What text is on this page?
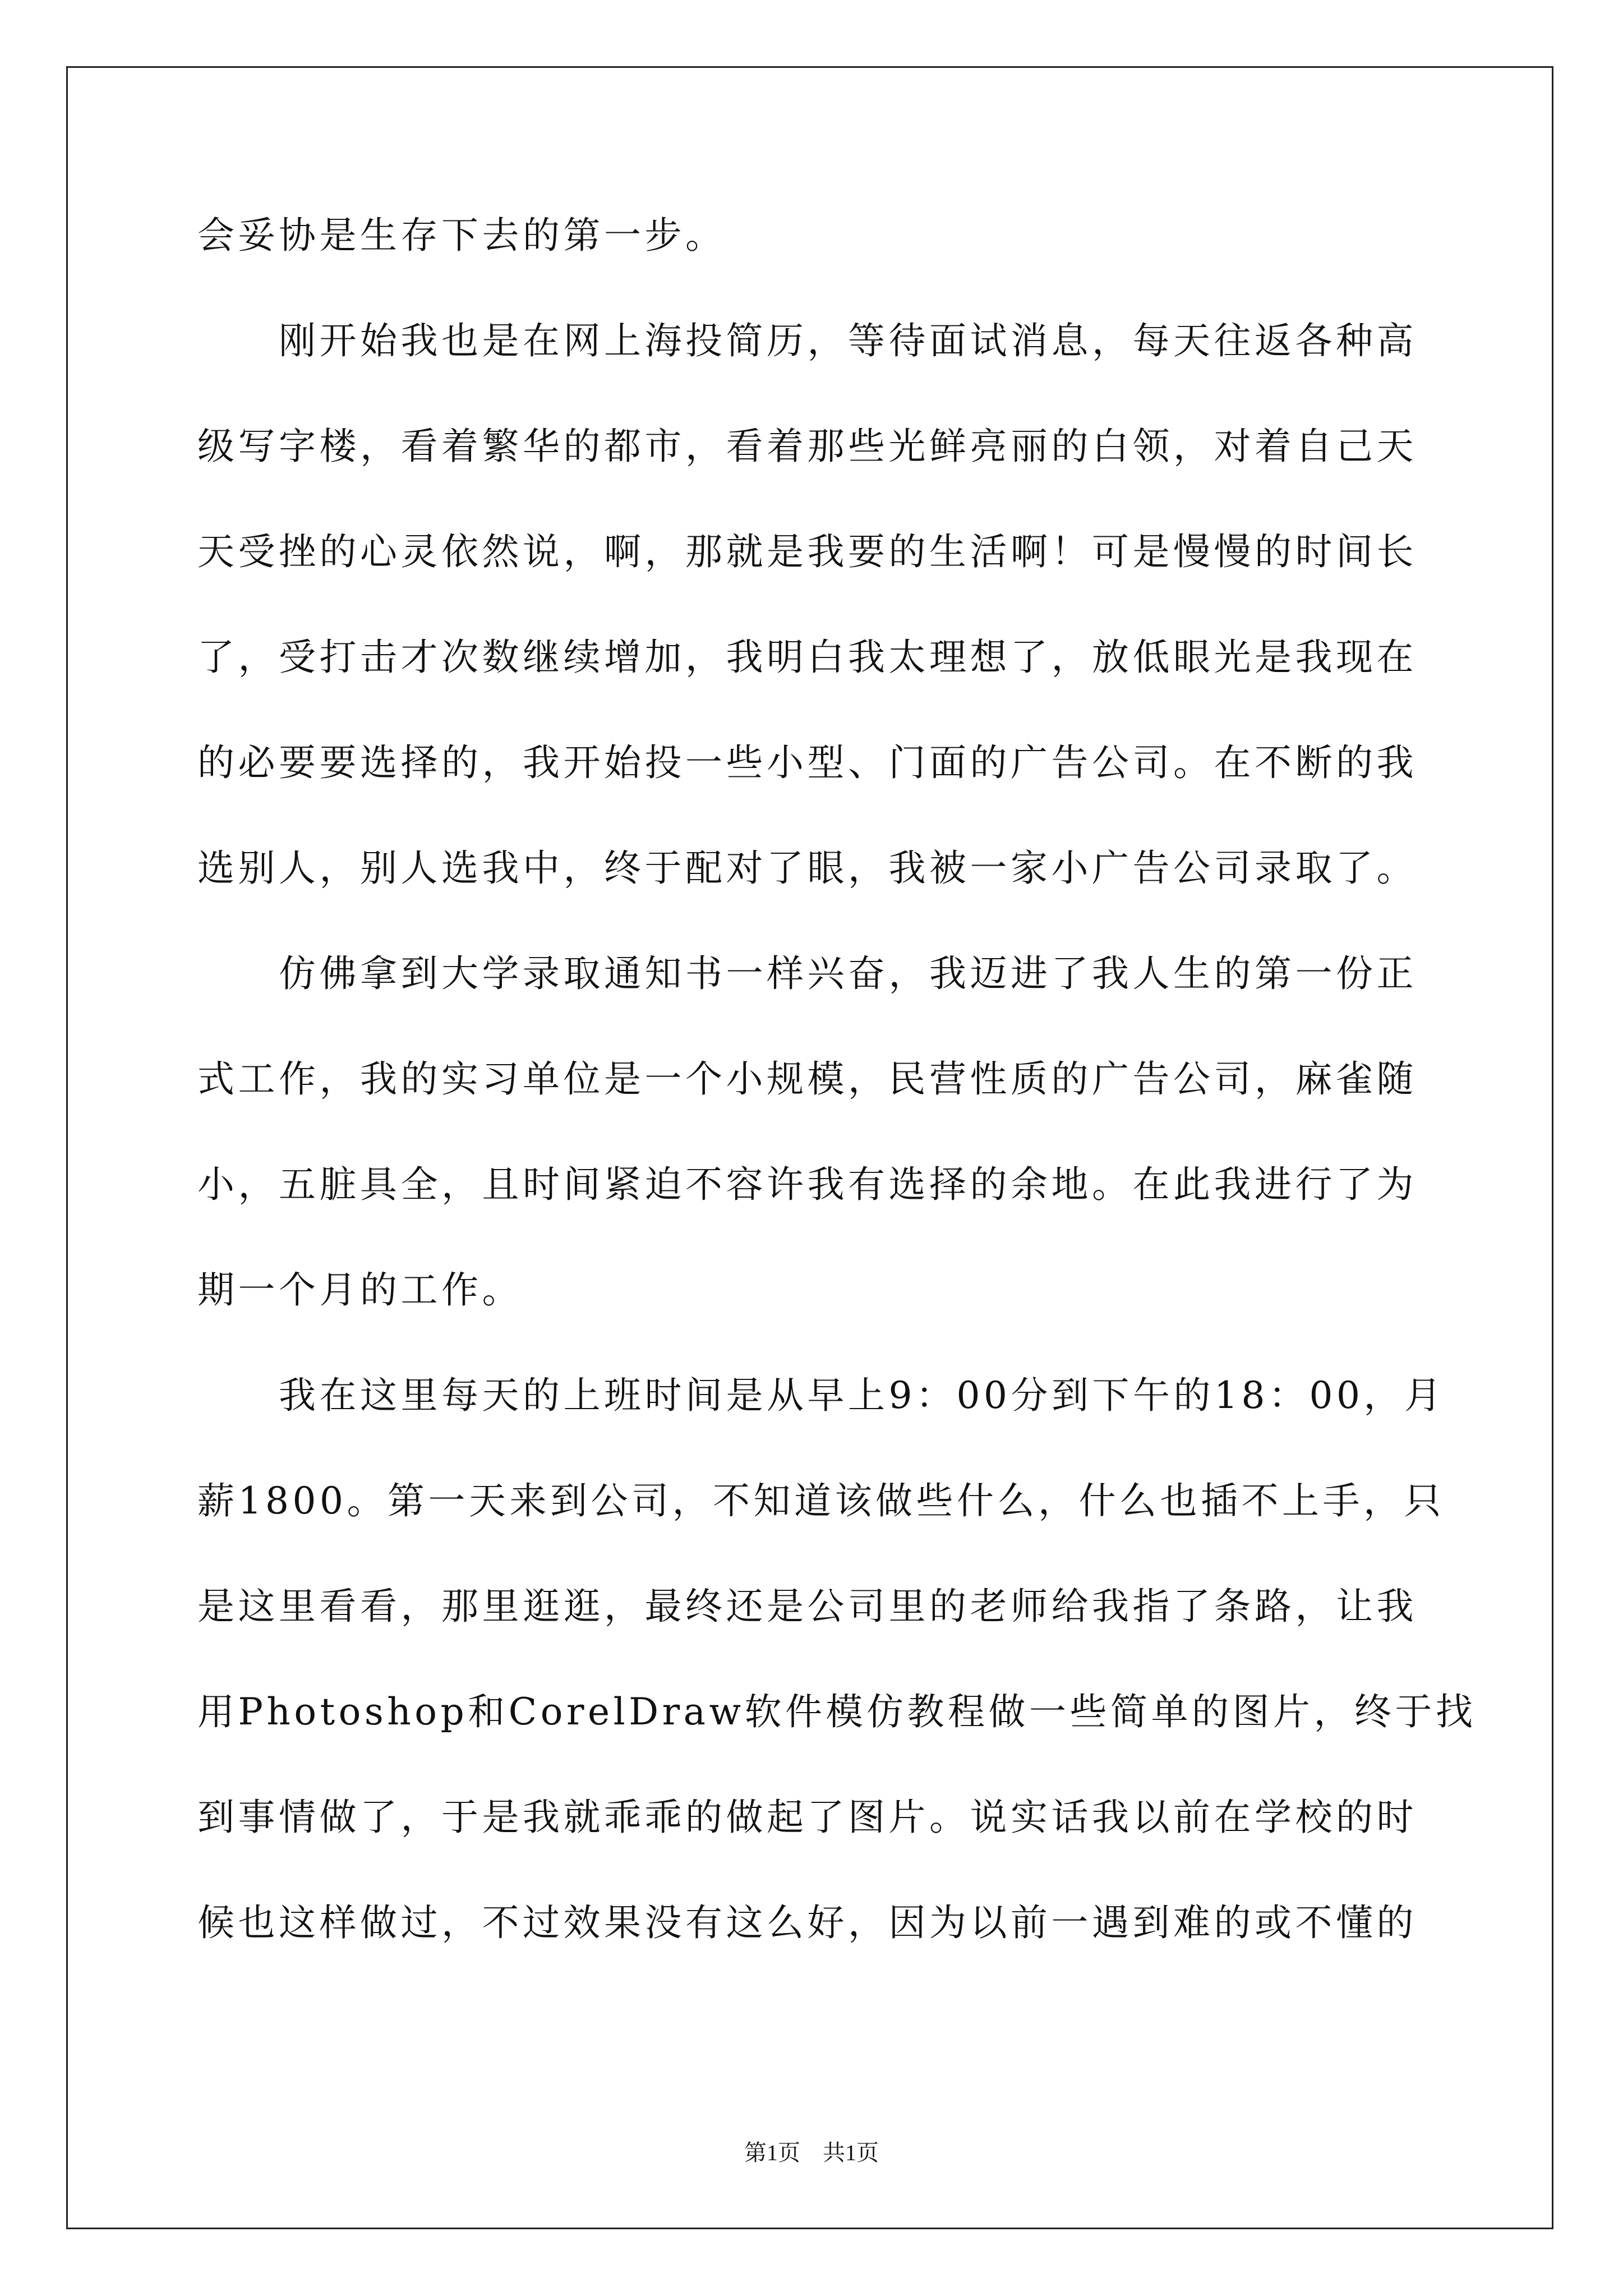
会妥协是生存下去的第一步。
　　刚开始我也是在网上海投简历，等待面试消息，每天往返各种高
级写字楼，看着繁华的都市，看着那些光鲜亮丽的白领，对着自己天
天受挫的心灵依然说，啊，那就是我要的生活啊！可是慢慢的时间长
了，受打击才次数继续增加，我明白我太理想了，放低眼光是我现在
的必要要选择的，我开始投一些小型、门面的广告公司。在不断的我
选别人，别人选我中，终于配对了眼，我被一家小广告公司录取了。
　　仿佛拿到大学录取通知书一样兴奋，我迈进了我人生的第一份正
式工作，我的实习单位是一个小规模，民营性质的广告公司，麻雀随
小，五脏具全，且时间紧迫不容许我有选择的余地。在此我进行了为
期一个月的工作。
　　我在这里每天的上班时间是从早上9：00分到下午的18：00，月
薪1800。第一天来到公司，不知道该做些什么，什么也插不上手，只
是这里看看，那里逛逛，最终还是公司里的老师给我指了条路，让我
用Photoshop和CorelDraw软件模仿教程做一些简单的图片，终于找
到事情做了，于是我就乖乖的做起了图片。说实话我以前在学校的时
候也这样做过，不过效果没有这么好，因为以前一遇到难的或不懂的
第1页　共1页
